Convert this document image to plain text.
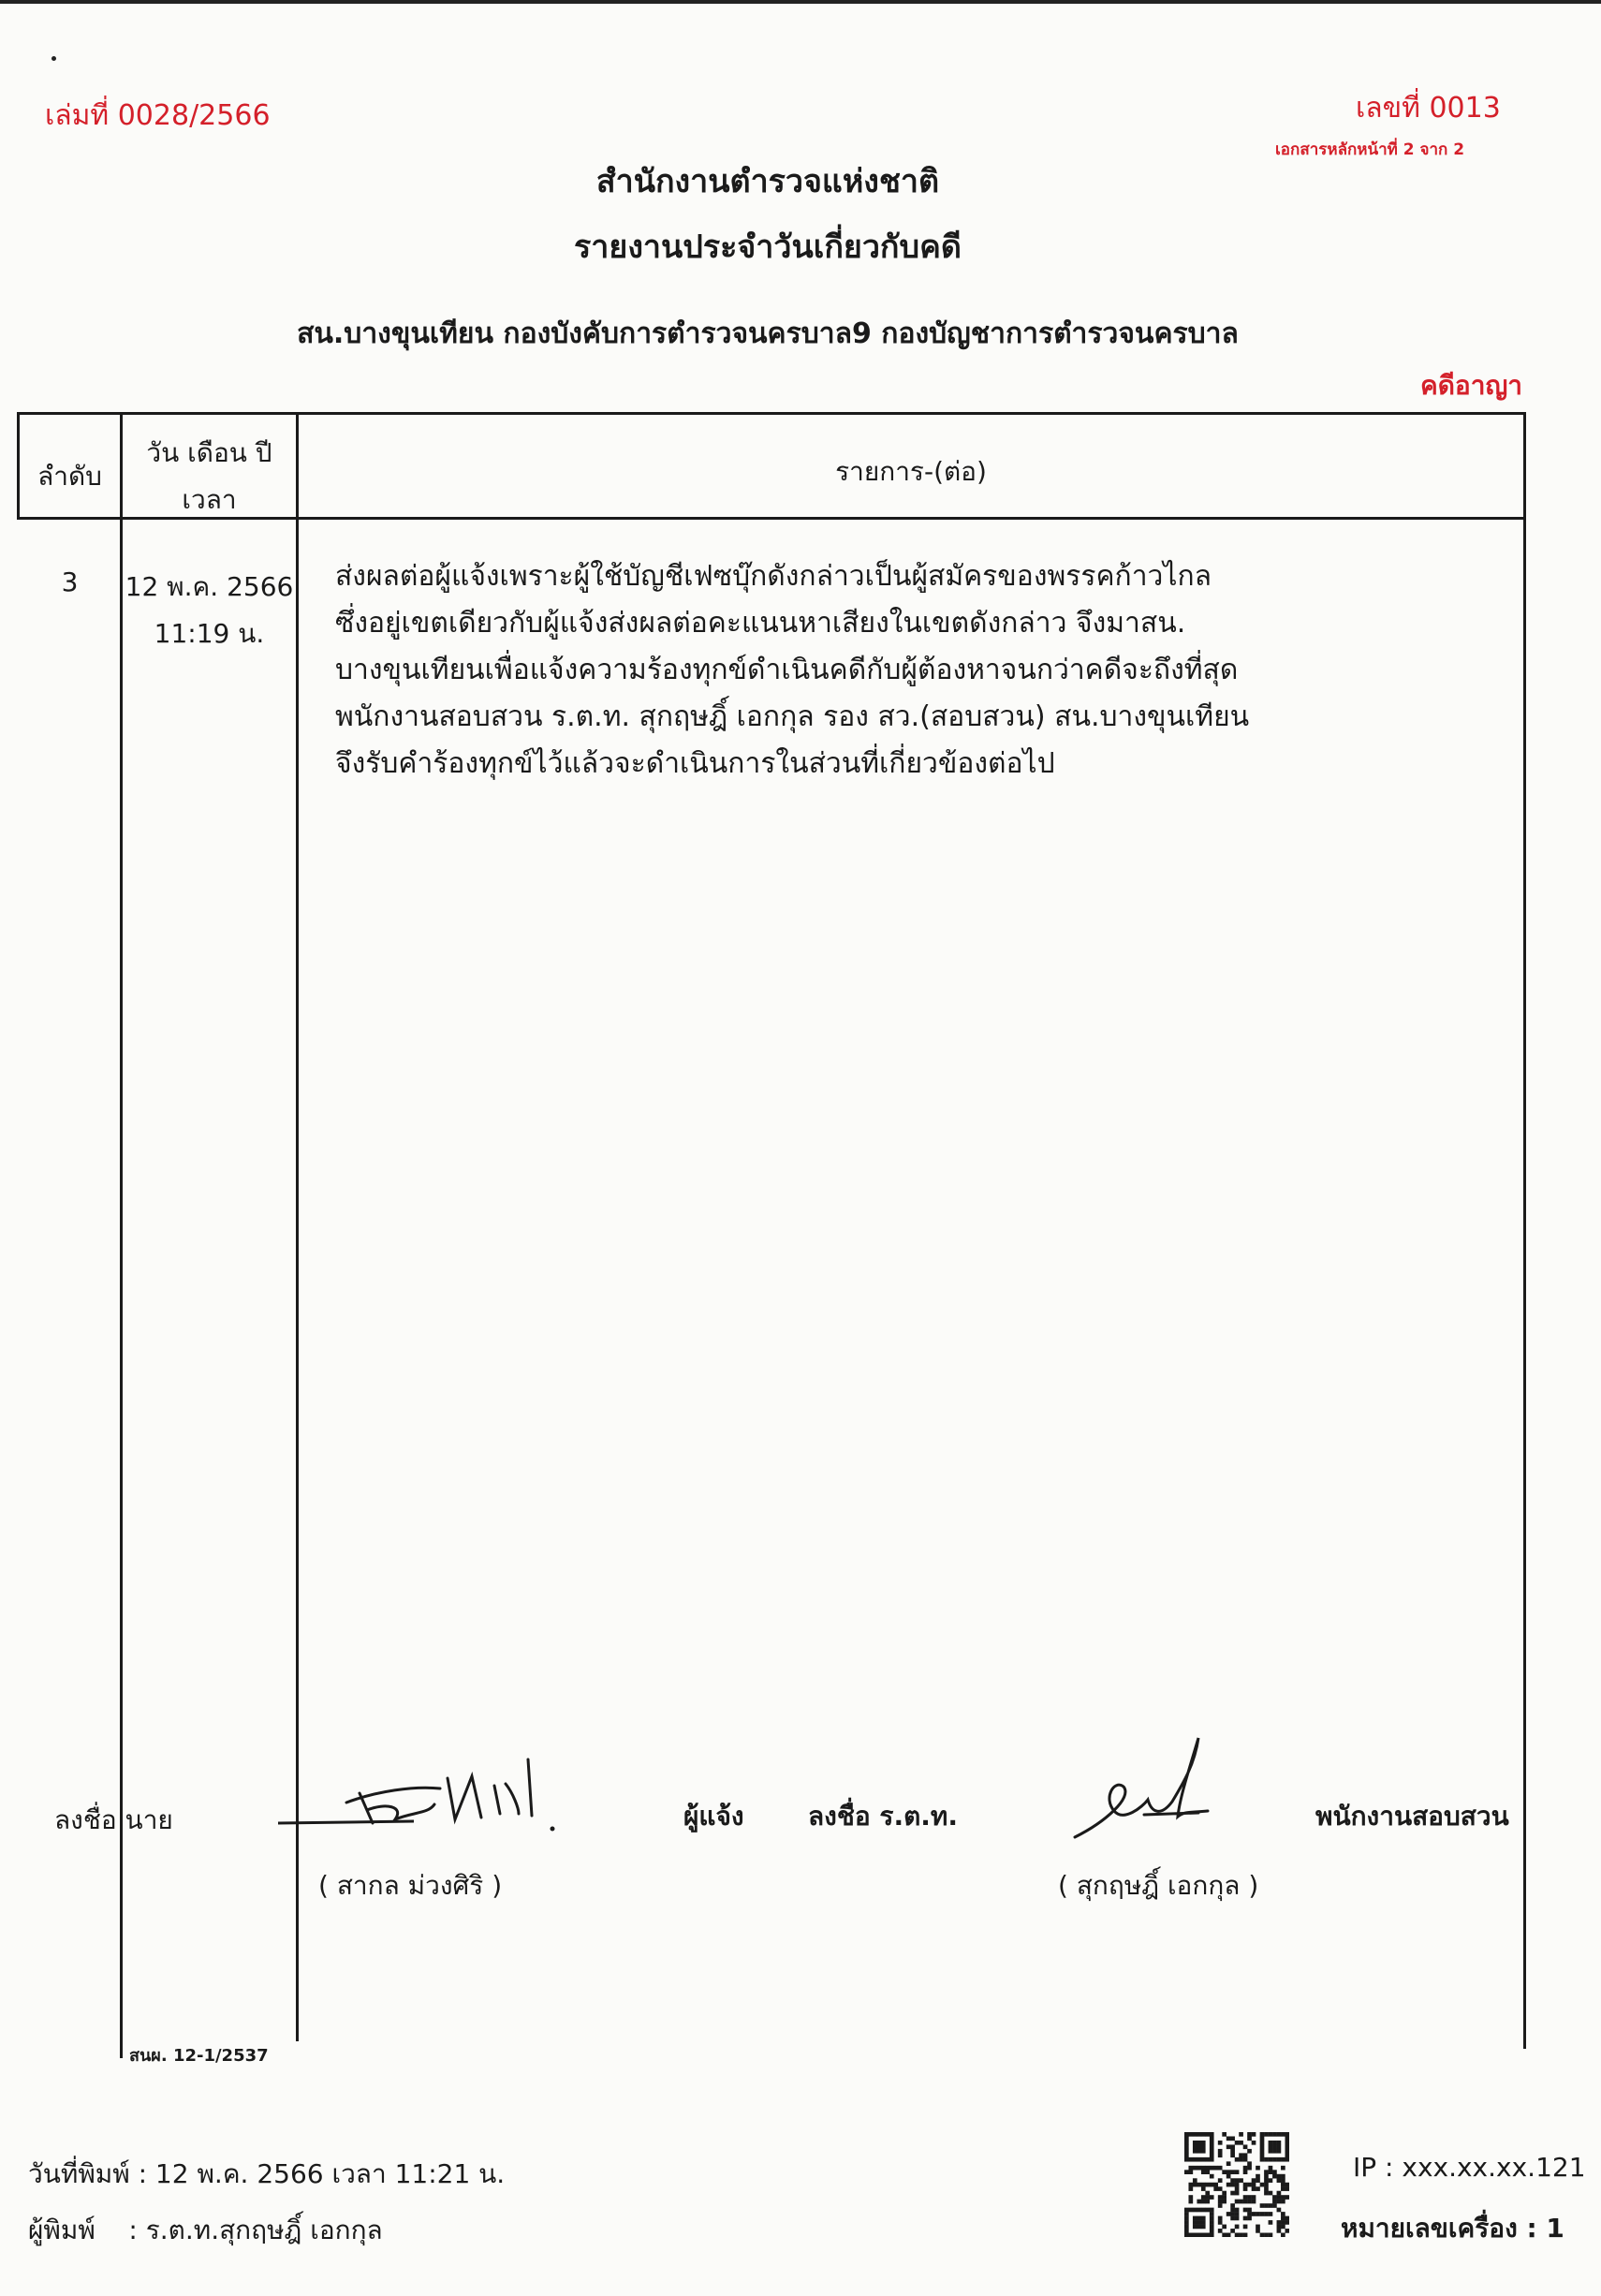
เล่มที่ 0028/2566	เลขที่ 0013
เอกสารหลักหน้าที่ 2 จาก 2
สำนักงานตำรวจแห่งชาติ
รายงานประจำวันเกี่ยวกับคดี
สน.บางขุนเทียน กองบังคับการตำรวจนครบาล9 กองบัญชาการตำรวจนครบาล
คดีอาญา
ลำดับ
วัน เดือน ปี
เวลา
รายการ-(ต่อ)
3	12 พ.ค. 2566
11:19 น.
ส่งผลต่อผู้แจ้งเพราะผู้ใช้บัญชีเฟซบุ๊กดังกล่าวเป็นผู้สมัครของพรรคก้าวไกล
ซึ่งอยู่เขตเดียวกับผู้แจ้งส่งผลต่อคะแนนหาเสียงในเขตดังกล่าว จึงมาสน.
บางขุนเทียนเพื่อแจ้งความร้องทุกข์ดำเนินคดีกับผู้ต้องหาจนกว่าคดีจะถึงที่สุด
พนักงานสอบสวน ร.ต.ท. สุกฤษฎิ์ เอกกุล รอง สว.(สอบสวน) สน.บางขุนเทียน
จึงรับคำร้องทุกข์ไว้แล้วจะดำเนินการในส่วนที่เกี่ยวข้องต่อไป
ลงชื่อ นาย
( สากล ม่วงศิริ )
ผู้แจ้ง ลงชื่อ ร.ต.ท.
( สุกฤษฎิ์ เอกกุล )
พนักงานสอบสวน
สนผ. 12-1/2537
วันที่พิมพ์ : 12 พ.ค. 2566 เวลา 11:21 น.
ผู้พิมพ์    : ร.ต.ท.สุกฤษฎิ์ เอกกุล
IP : xxx.xx.xx.121
หมายเลขเครื่อง : 1
